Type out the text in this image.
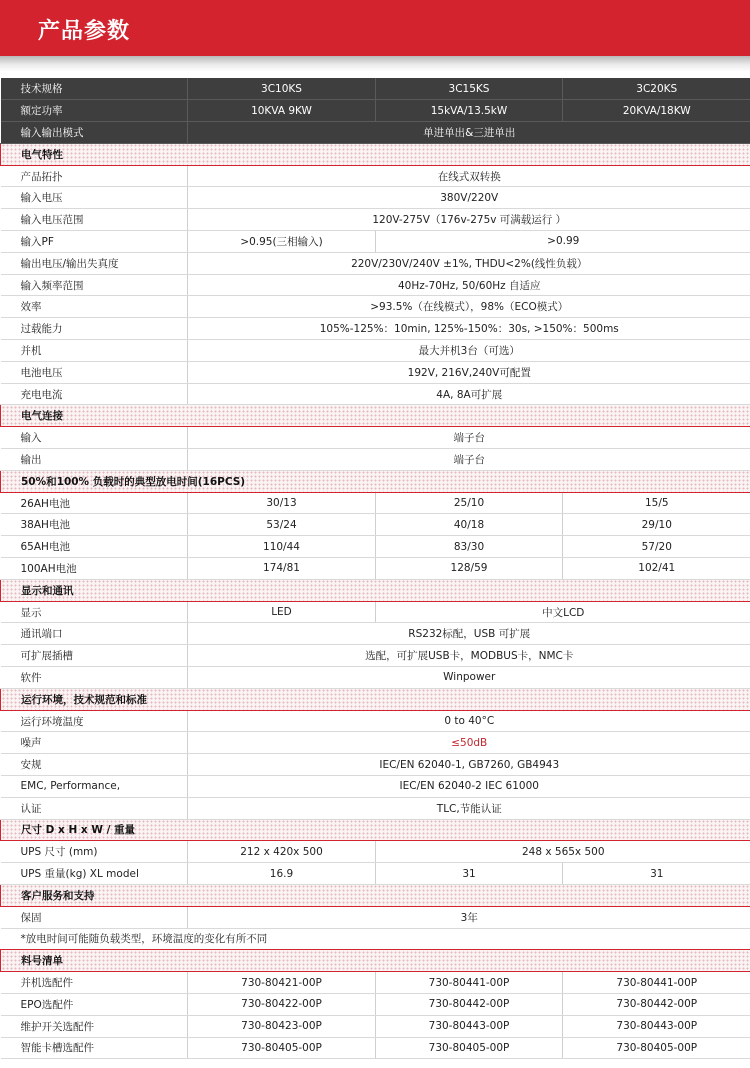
产品参数

技术规格	3C10KS	3C15KS	3C20KS
额定功率	10KVA 9KW	15kVA/13.5kW	20KVA/18KW
输入输出模式	单进单出&三进单出		
电气特性			
产品拓扑	在线式双转换		
输入电压	380V/220V		
输入电压范围	120V-275V（176v-275v 可满载运行 ）		
输入PF	>0.95(三相输入)	>0.99	
输出电压/输出失真度	220V/230V/240V ±1%, THDU<2%(线性负载）		
输入频率范围	40Hz-70Hz, 50/60Hz 自适应		
效率	>93.5%（在线模式），98%（ECO模式）		
过载能力	105%-125%：10min, 125%-150%：30s, >150%：500ms		
并机	最大并机3台（可选）		
电池电压	192V, 216V,240V可配置		
充电电流	4A, 8A可扩展		
电气连接			
输入	端子台		
输出	端子台		
50%和100% 负载时的典型放电时间(16PCS)			
26AH电池	30/13	25/10	15/5
38AH电池	53/24	40/18	29/10
65AH电池	110/44	83/30	57/20
100AH电池	174/81	128/59	102/41
显示和通讯			
显示	LED	中文LCD	
通讯端口	RS232标配，USB 可扩展		
可扩展插槽	选配，可扩展USB卡，MODBUS卡，NMC卡		
软件	Winpower		
运行环境，技术规范和标准			
运行环境温度	0 to 40°C		
噪声	≤50dB		
安规	IEC/EN 62040-1, GB7260, GB4943		
EMC, Performance,	IEC/EN 62040-2 IEC 61000		
认证	TLC,节能认证		
尺寸 D x H x W / 重量			
UPS 尺寸 (mm)	212 x 420x 500	248 x 565x 500	
UPS 重量(kg) XL model	16.9	31	31
客户服务和支持			
保固	3年		
*放电时间可能随负载类型，环境温度的变化有所不同			
料号清单			
并机选配件	730-80421-00P	730-80441-00P	730-80441-00P
EPO选配件	730-80422-00P	730-80442-00P	730-80442-00P
维护开关选配件	730-80423-00P	730-80443-00P	730-80443-00P
智能卡槽选配件	730-80405-00P	730-80405-00P	730-80405-00P
